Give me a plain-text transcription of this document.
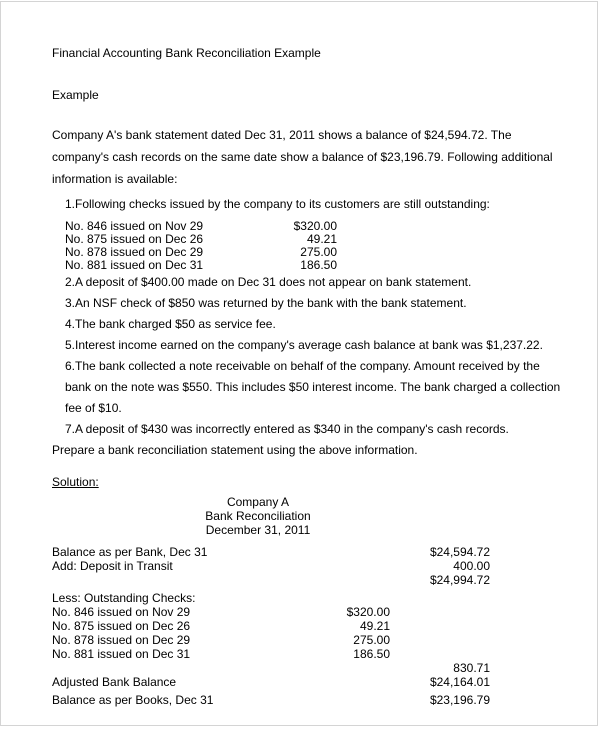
Financial Accounting Bank Reconciliation Example
Example

Company A's bank statement dated Dec 31, 2011 shows a balance of $24,594.72. The company's cash records on the same date show a balance of $23,196.79. Following additional information is available:

1.Following checks issued by the company to its customers are still outstanding:
No. 846 issued on Nov 29	$320.00
No. 875 issued on Dec 26	49.21
No. 878 issued on Dec 29	275.00
No. 881 issued on Dec 31	186.50
2.A deposit of $400.00 made on Dec 31 does not appear on bank statement.
3.An NSF check of $850 was returned by the bank with the bank statement.
4.The bank charged $50 as service fee.
5.Interest income earned on the company's average cash balance at bank was $1,237.22.
6.The bank collected a note receivable on behalf of the company. Amount received by the bank on the note was $550. This includes $50 interest income. The bank charged a collection fee of $10.
7.A deposit of $430 was incorrectly entered as $340 in the company's cash records.
Prepare a bank reconciliation statement using the above information.
Solution:
Company A
Bank Reconciliation
December 31, 2011
Balance as per Bank, Dec 31	$24,594.72
Add: Deposit in Transit	400.00
$24,994.72
Less: Outstanding Checks:
No. 846 issued on Nov 29	$320.00
No. 875 issued on Dec 26	49.21
No. 878 issued on Dec 29	275.00
No. 881 issued on Dec 31	186.50
830.71
Adjusted Bank Balance	$24,164.01
Balance as per Books, Dec 31	$23,196.79
